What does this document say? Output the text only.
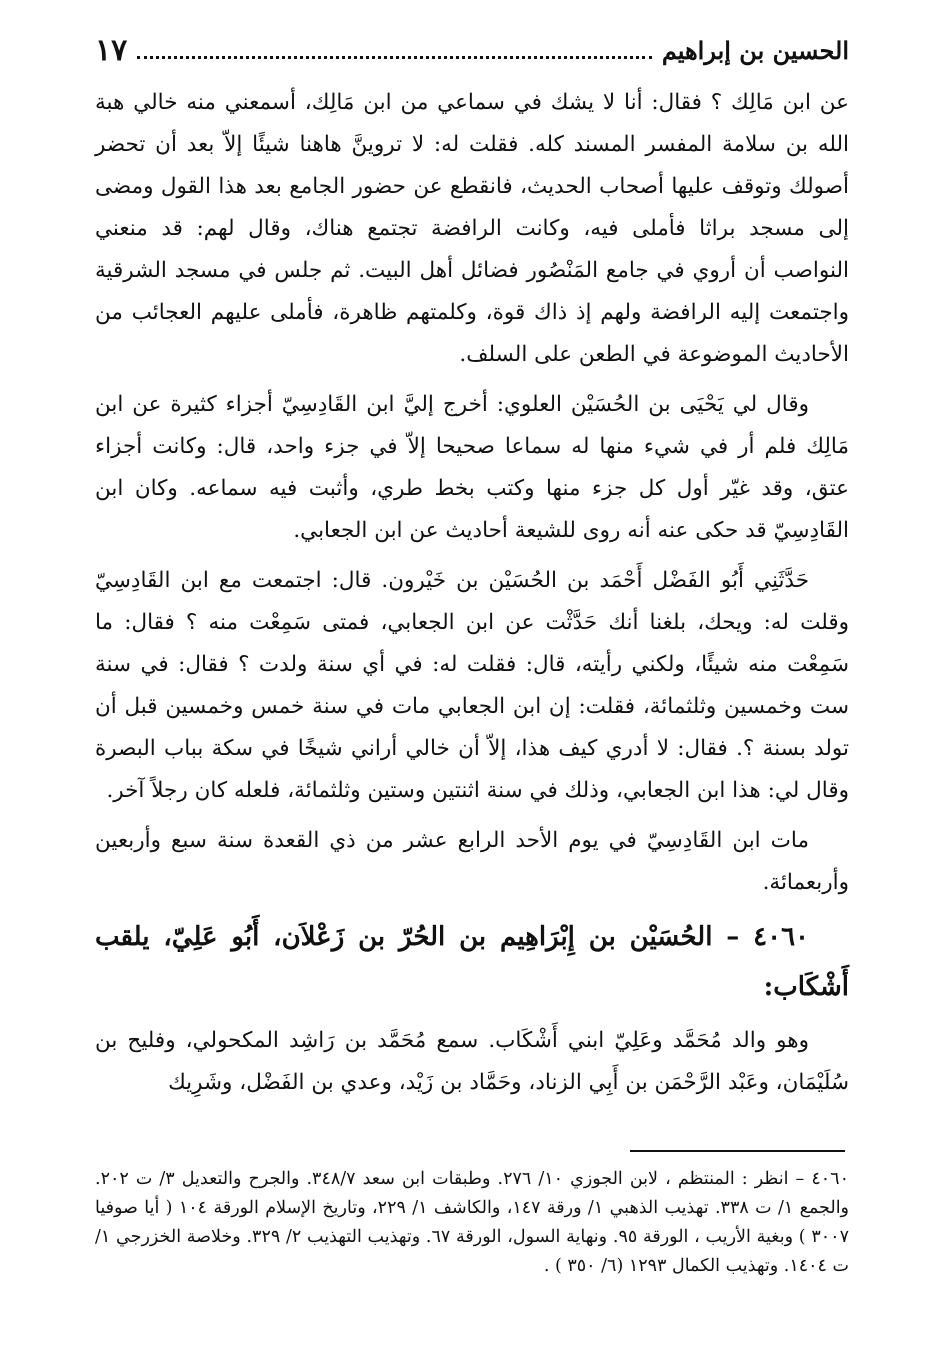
الحسين بن إبراهيم
١٧

عن ابن مَالِك ؟ فقال: أنا لا يشك في سماعي من ابن مَالِك، أسمعني منه خالي هبة الله بن سلامة المفسر المسند كله. فقلت له: لا تروينَّ هاهنا شيئًا إلاّ بعد أن تحضر أصولك وتوقف عليها أصحاب الحديث، فانقطع عن حضور الجامع بعد هذا القول ومضى إلى مسجد براثا فأملى فيه، وكانت الرافضة تجتمع هناك، وقال لهم: قد منعني النواصب أن أروي في جامع المَنْصُور فضائل أهل البيت. ثم جلس في مسجد الشرقية واجتمعت إليه الرافضة ولهم إذ ذاك قوة، وكلمتهم ظاهرة، فأملى عليهم العجائب من الأحاديث الموضوعة في الطعن على السلف.

وقال لي يَحْيَى بن الحُسَيْن العلوي: أخرج إليَّ ابن القَادِسِيّ أجزاء كثيرة عن ابن مَالِك فلم أر في شيء منها له سماعا صحيحا إلاّ في جزء واحد، قال: وكانت أجزاء عتق، وقد غيّر أول كل جزء منها وكتب بخط طري، وأثبت فيه سماعه. وكان ابن القَادِسِيّ قد حكى عنه أنه روى للشيعة أحاديث عن ابن الجعابي.

حَدَّثَنِي أَبُو الفَضْل أَحْمَد بن الحُسَيْن بن خَيْرون. قال: اجتمعت مع ابن القَادِسِيّ وقلت له: ويحك، بلغنا أنك حَدَّثْت عن ابن الجعابي، فمتى سَمِعْت منه ؟ فقال: ما سَمِعْت منه شيئًا، ولكني رأيته، قال: فقلت له: في أي سنة ولدت ؟ فقال: في سنة ست وخمسين وثلثمائة، فقلت: إن ابن الجعابي مات في سنة خمس وخمسين قبل أن تولد بسنة ؟. فقال: لا أدري كيف هذا، إلاّ أن خالي أراني شيخًا في سكة بباب البصرة وقال لي: هذا ابن الجعابي، وذلك في سنة اثنتين وستين وثلثمائة، فلعله كان رجلاً آخر.

مات ابن القَادِسِيّ في يوم الأحد الرابع عشر من ذي القعدة سنة سبع وأربعين وأربعمائة.

٤٠٦٠ – الحُسَيْن بن إِبْرَاهِيم بن الحُرّ بن زَعْلاَن، أَبُو عَلِيّ، يلقب أَشْكَاب:

وهو والد مُحَمَّد وعَلِيّ ابني أَشْكَاب. سمع مُحَمَّد بن رَاشِد المكحولي، وفليح بن سُلَيْمَان، وعَبْد الرَّحْمَن بن أَبِي الزناد، وحَمَّاد بن زَيْد، وعدي بن الفَضْل، وشَرِيك

٤٠٦٠ – انظر : المنتظم ، لابن الجوزي ١٠/ ٢٧٦. وطبقات ابن سعد ٣٤٨/٧. والجرح والتعديل ٣/ ت ٢٠٢. والجمع ١/ ت ٣٣٨. تهذيب الذهبي ١/ ورقة ١٤٧، والكاشف ١/ ٢٢٩، وتاريخ الإسلام الورقة ١٠٤ ( أيا صوفيا ٣٠٠٧ ) وبغية الأريب ، الورقة ٩٥. ونهاية السول، الورقة ٦٧. وتهذيب التهذيب ٢/ ٣٢٩. وخلاصة الخزرجي ١/ ت ١٤٠٤. وتهذيب الكمال ١٢٩٣ (٦/ ٣٥٠ ) .
